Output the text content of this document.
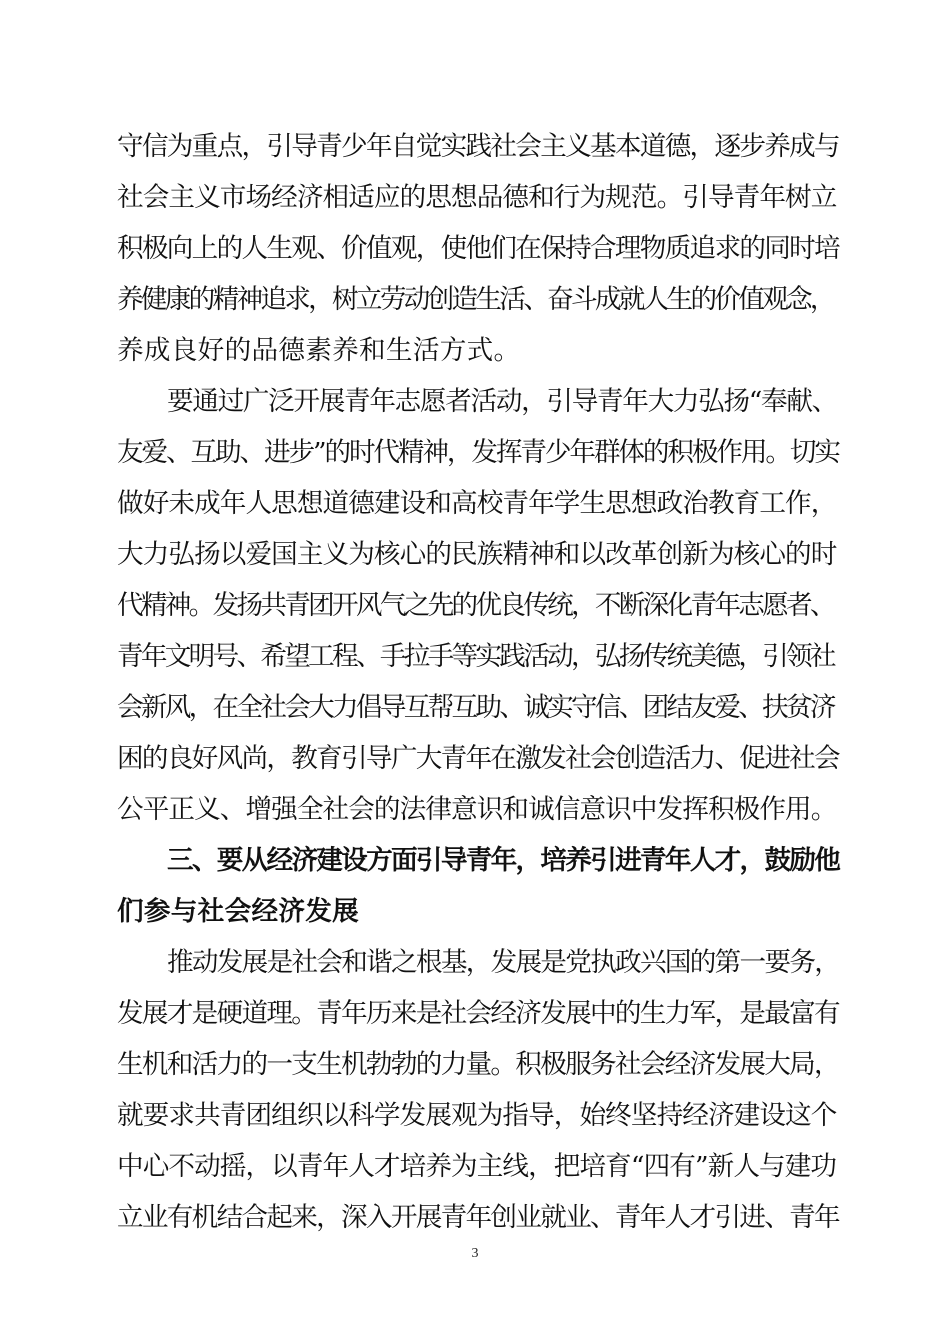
守信为重点，引导青少年自觉实践社会主义基本道德，逐步养成与
社会主义市场经济相适应的思想品德和行为规范。引导青年树立
积极向上的人生观、价值观，使他们在保持合理物质追求的同时培
养健康的精神追求，树立劳动创造生活、奋斗成就人生的价值观念，
养成良好的品德素养和生活方式。
要通过广泛开展青年志愿者活动，引导青年大力弘扬“奉献、
友爱、互助、进步”的时代精神，发挥青少年群体的积极作用。切实
做好未成年人思想道德建设和高校青年学生思想政治教育工作，
大力弘扬以爱国主义为核心的民族精神和以改革创新为核心的时
代精神。发扬共青团开风气之先的优良传统，不断深化青年志愿者、
青年文明号、希望工程、手拉手等实践活动，弘扬传统美德，引领社
会新风，在全社会大力倡导互帮互助、诚实守信、团结友爱、扶贫济
困的良好风尚，教育引导广大青年在激发社会创造活力、促进社会
公平正义、增强全社会的法律意识和诚信意识中发挥积极作用。
三、要从经济建设方面引导青年，培养引进青年人才，鼓励他
们参与社会经济发展
推动发展是社会和谐之根基，发展是党执政兴国的第一要务，
发展才是硬道理。青年历来是社会经济发展中的生力军，是最富有
生机和活力的一支生机勃勃的力量。积极服务社会经济发展大局，
就要求共青团组织以科学发展观为指导，始终坚持经济建设这个
中心不动摇，以青年人才培养为主线，把培育“四有”新人与建功
立业有机结合起来，深入开展青年创业就业、青年人才引进、青年
3
